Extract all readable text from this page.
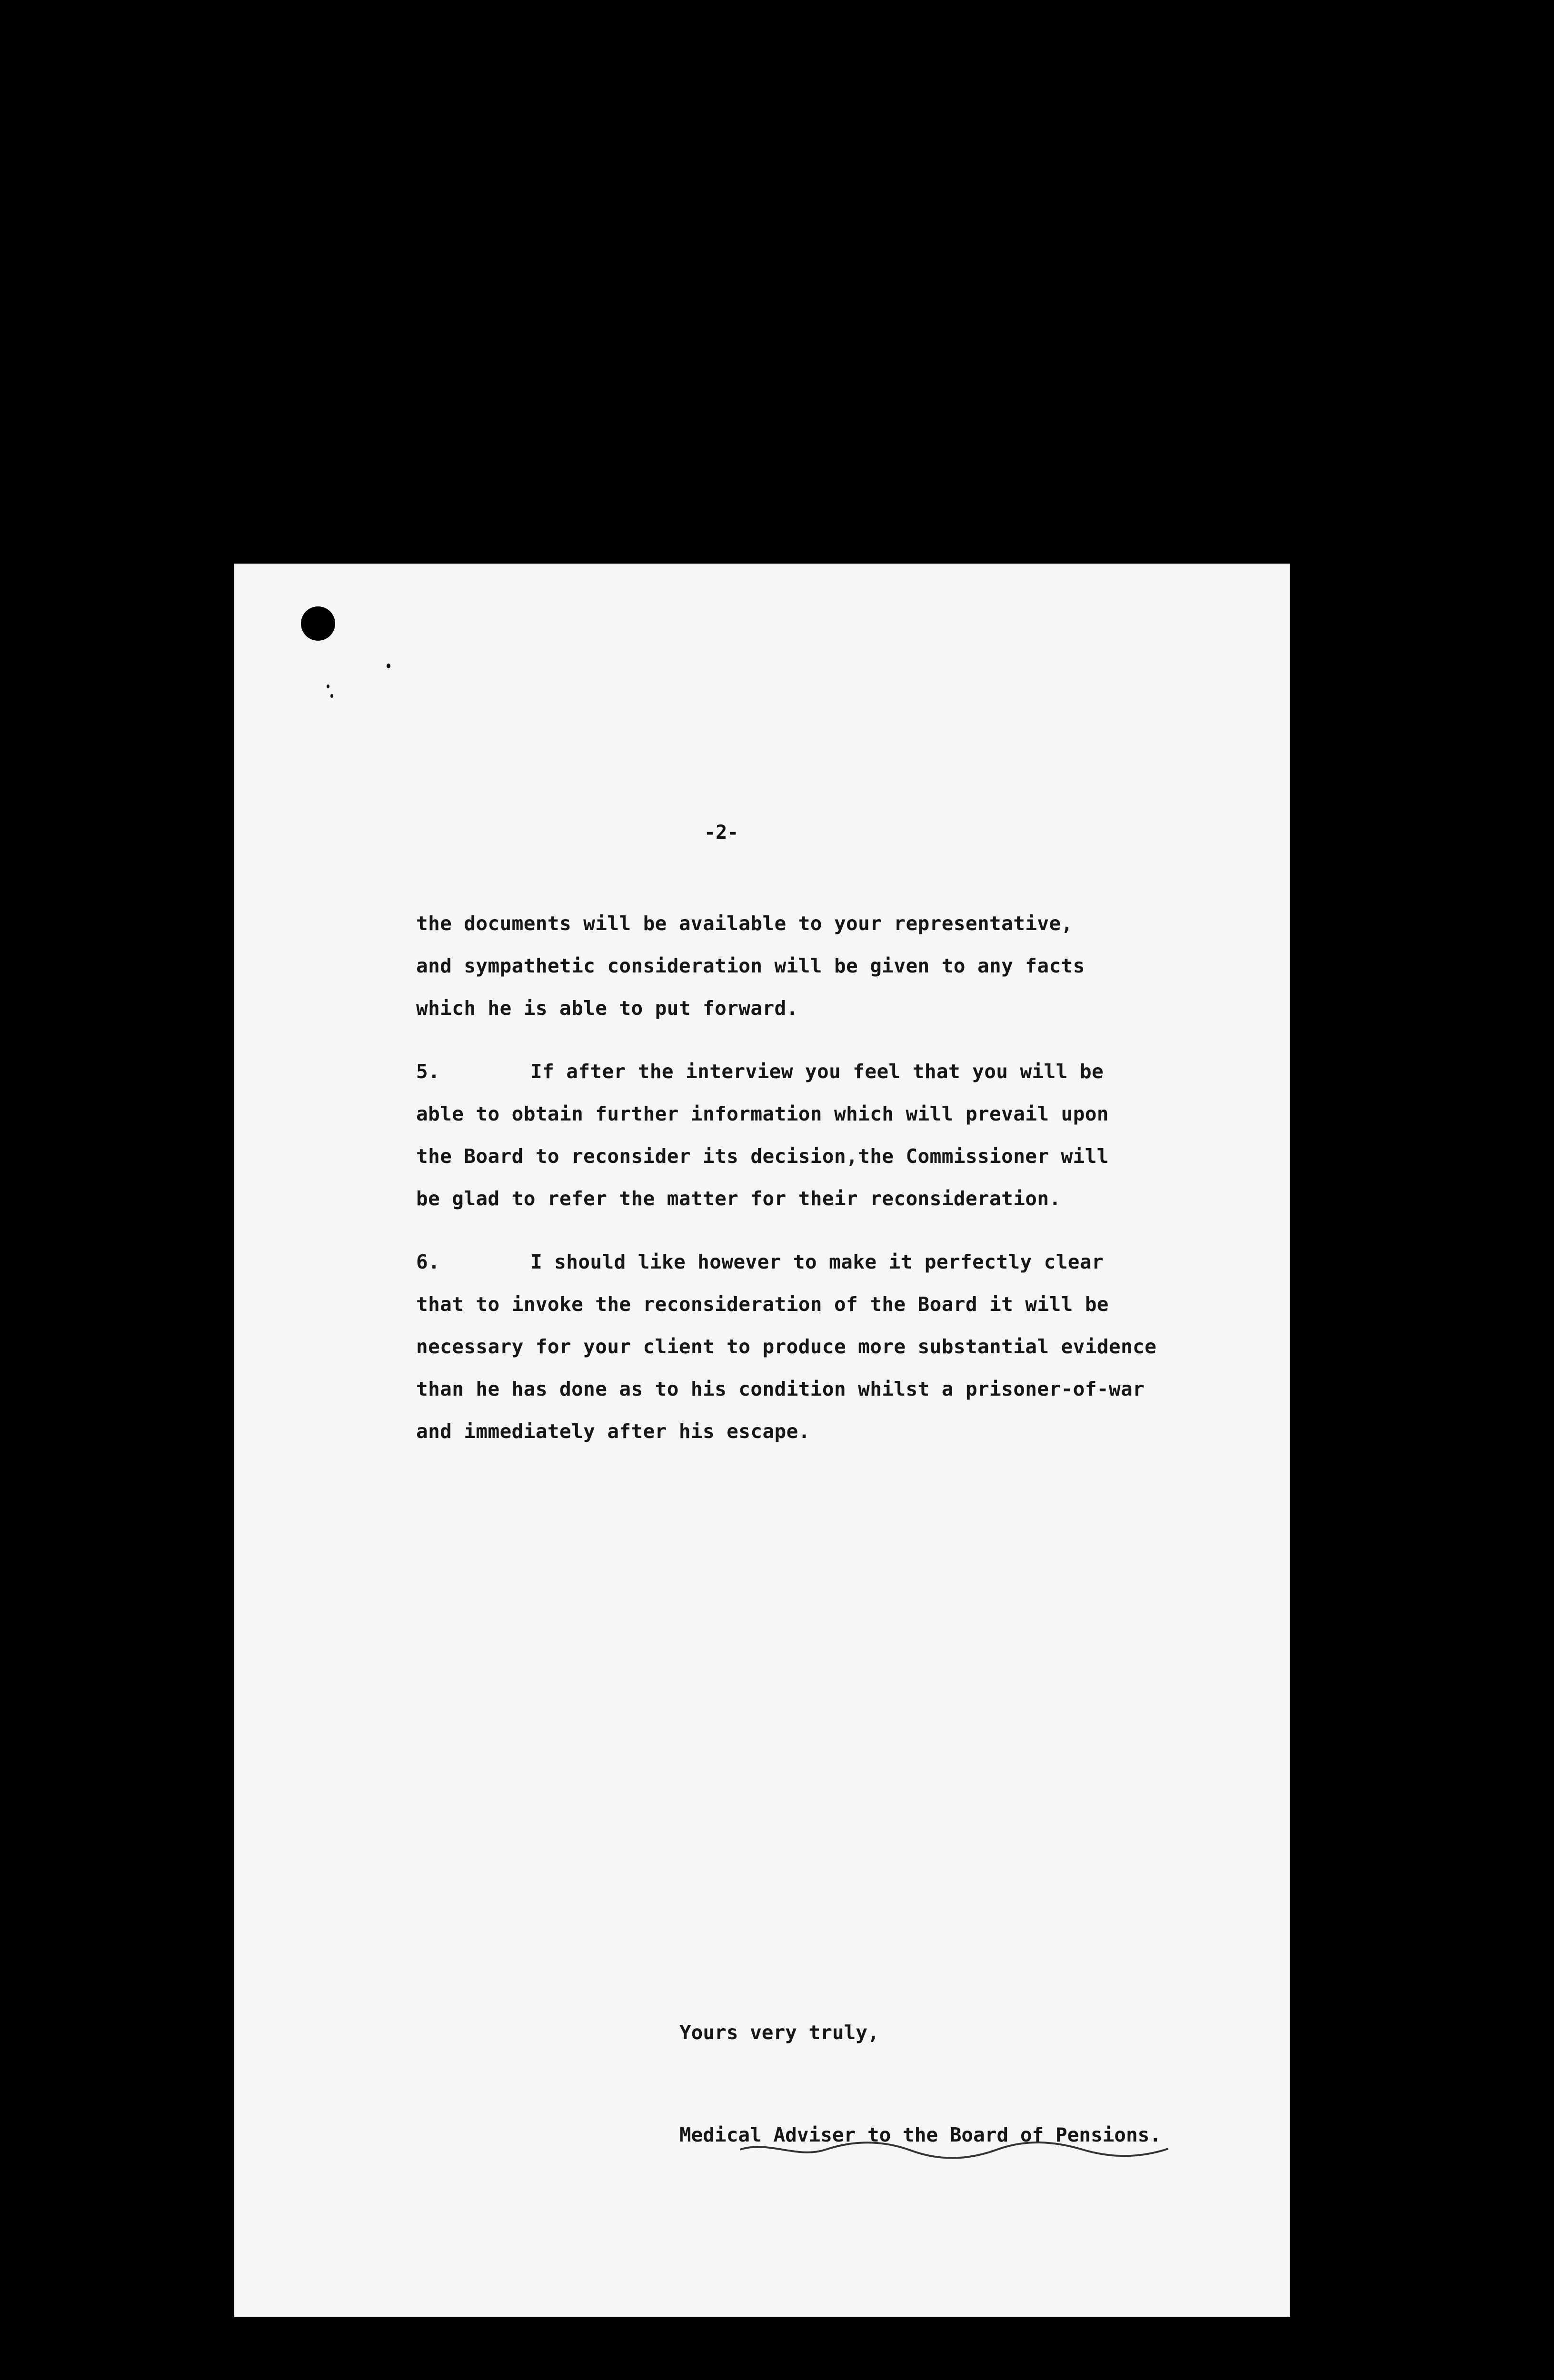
-2-
the documents will be available to your representative,
and sympathetic consideration will be given to any facts
which he is able to put forward.
5.	If after the interview you feel that you will be
able to obtain further information which will prevail upon
the Board to reconsider its decision,the Commissioner will
be glad to refer the matter for their reconsideration.
6.	I should like however to make it perfectly clear
that to invoke the reconsideration of the Board it will be
necessary for your client to produce more substantial evidence
than he has done as to his condition whilst a prisoner-of-war
and immediately after his escape.
Yours very truly,
Medical Adviser to the Board of Pensions.
